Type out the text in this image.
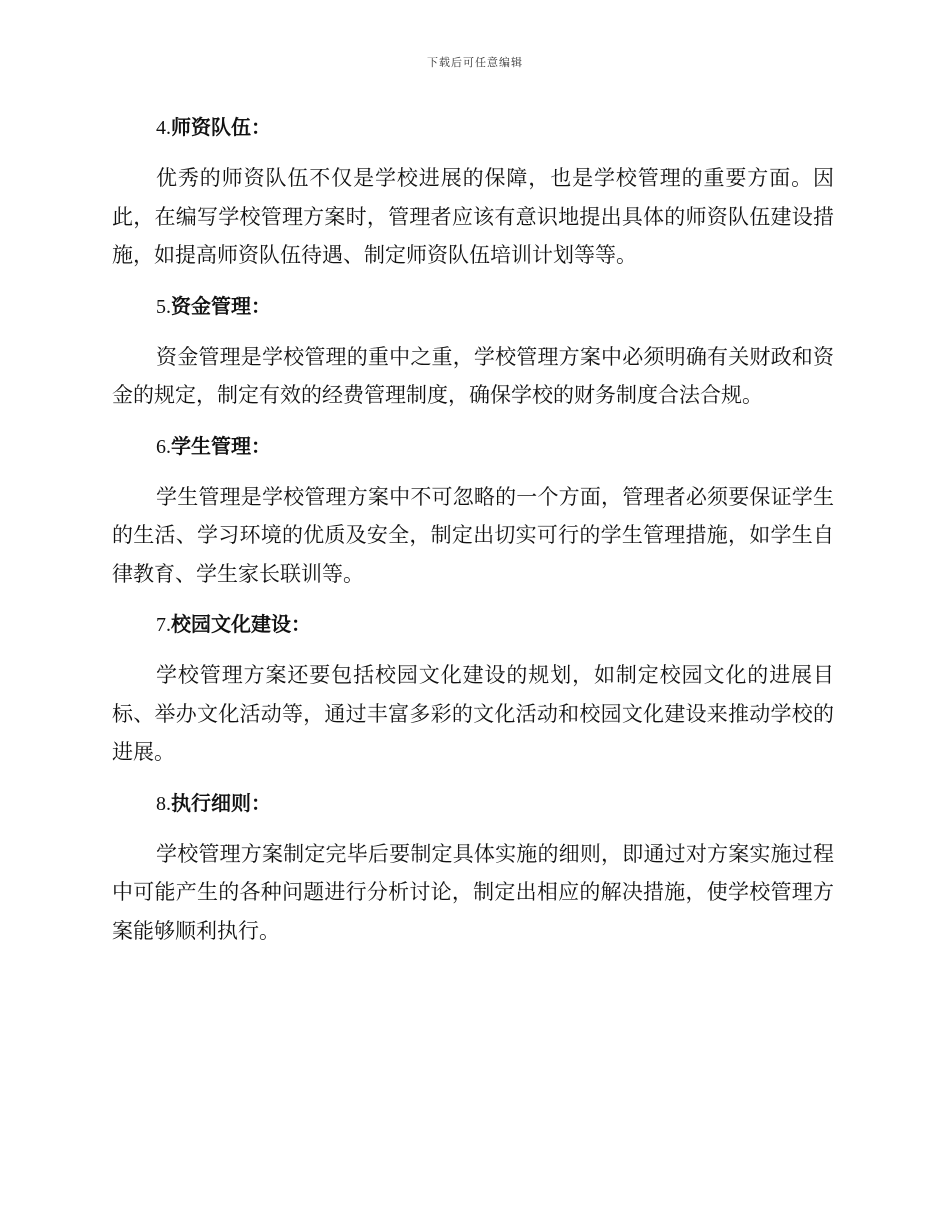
下载后可任意编辑

4.师资队伍：

优秀的师资队伍不仅是学校进展的保障，也是学校管理的重要方面。因此，在编写学校管理方案时，管理者应该有意识地提出具体的师资队伍建设措施，如提高师资队伍待遇、制定师资队伍培训计划等等。

5.资金管理：

资金管理是学校管理的重中之重，学校管理方案中必须明确有关财政和资金的规定，制定有效的经费管理制度，确保学校的财务制度合法合规。

6.学生管理：

学生管理是学校管理方案中不可忽略的一个方面，管理者必须要保证学生的生活、学习环境的优质及安全，制定出切实可行的学生管理措施，如学生自律教育、学生家长联训等。

7.校园文化建设：

学校管理方案还要包括校园文化建设的规划，如制定校园文化的进展目标、举办文化活动等，通过丰富多彩的文化活动和校园文化建设来推动学校的进展。

8.执行细则：

学校管理方案制定完毕后要制定具体实施的细则，即通过对方案实施过程中可能产生的各种问题进行分析讨论，制定出相应的解决措施，使学校管理方案能够顺利执行。
